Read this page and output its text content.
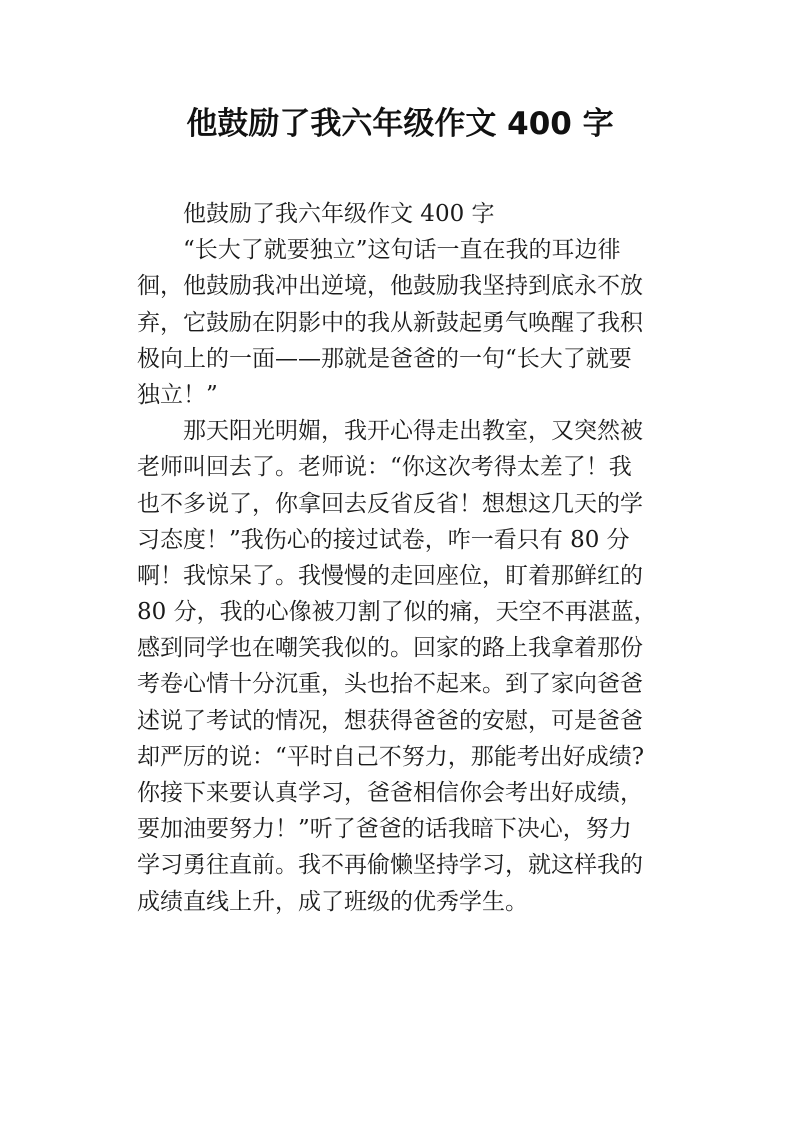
他鼓励了我六年级作文 400 字
他鼓励了我六年级作文 400 字
“长大了就要独立”这句话一直在我的耳边徘
徊，他鼓励我冲出逆境，他鼓励我坚持到底永不放
弃，它鼓励在阴影中的我从新鼓起勇气唤醒了我积
极向上的一面——那就是爸爸的一句“长大了就要
独立！”
那天阳光明媚，我开心得走出教室，又突然被
老师叫回去了。老师说：“你这次考得太差了！我
也不多说了，你拿回去反省反省！想想这几天的学
习态度！”我伤心的接过试卷，咋一看只有 80 分
啊！我惊呆了。我慢慢的走回座位，盯着那鲜红的
80 分，我的心像被刀割了似的痛，天空不再湛蓝，
感到同学也在嘲笑我似的。回家的路上我拿着那份
考卷心情十分沉重，头也抬不起来。到了家向爸爸
述说了考试的情况，想获得爸爸的安慰，可是爸爸
却严厉的说：“平时自己不努力，那能考出好成绩?
你接下来要认真学习，爸爸相信你会考出好成绩，
要加油要努力！”听了爸爸的话我暗下决心，努力
学习勇往直前。我不再偷懒坚持学习，就这样我的
成绩直线上升，成了班级的优秀学生。
